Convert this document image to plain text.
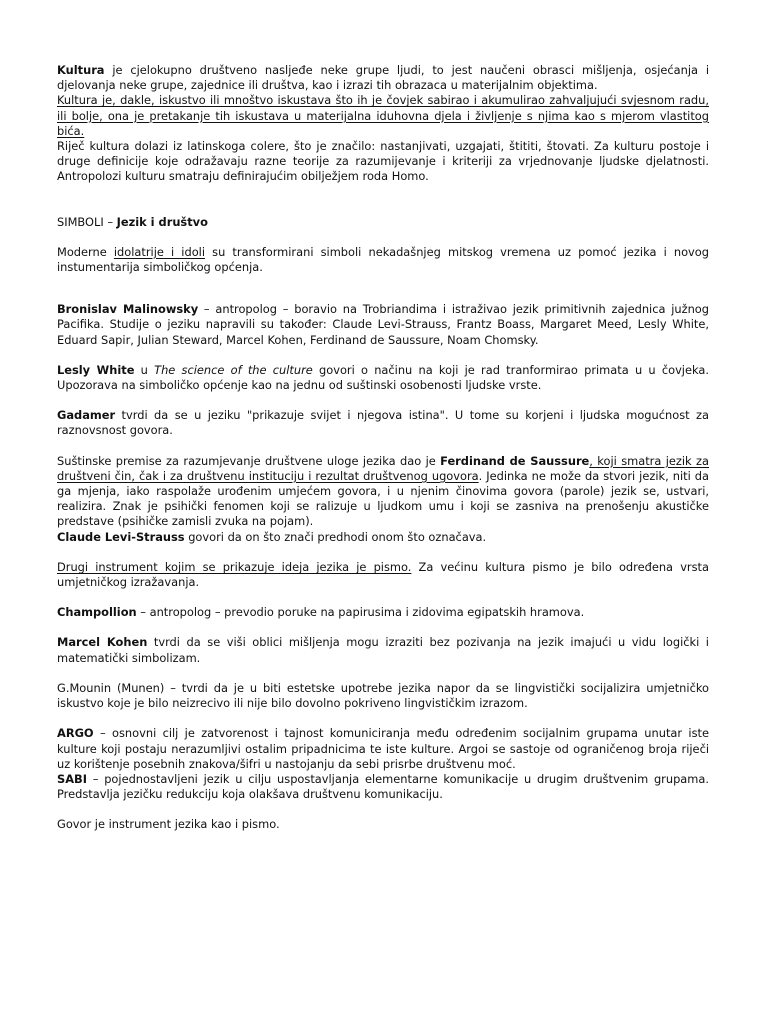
Kultura je cjelokupno društveno nasljeđe neke grupe ljudi, to jest naučeni obrasci mišljenja, osjećanja i djelovanja neke grupe, zajednice ili društva, kao i izrazi tih obrazaca u materijalnim objektima.

Kultura je, dakle, iskustvo ili mnoštvo iskustava što ih je čovjek sabirao i akumulirao zahvaljujući svjesnom radu, ili bolje, ona je pretakanje tih iskustava u materijalna iduhovna djela i življenje s njima kao s mjerom vlastitog bića.

Riječ kultura dolazi iz latinskoga colere, što je značilo: nastanjivati, uzgajati, štititi, štovati. Za kulturu postoje i druge definicije koje odražavaju razne teorije za razumijevanje i kriteriji za vrjednovanje ljudske djelatnosti. Antropolozi kulturu smatraju definirajućim obilježjem roda Homo.

SIMBOLI – Jezik i društvo

Moderne idolatrije i idoli su transformirani simboli nekadašnjeg mitskog vremena uz pomoć jezika i novog instumentarija simboličkog općenja.

Bronislav Malinowsky – antropolog – boravio na Trobriandima i istraživao jezik primitivnih zajednica južnog Pacifika. Studije o jeziku napravili su također: Claude Levi-Strauss, Frantz Boass, Margaret Meed, Lesly White, Eduard Sapir, Julian Steward, Marcel Kohen, Ferdinand de Saussure, Noam Chomsky.

Lesly White u The science of the culture govori o načinu na koji je rad tranformirao primata u u čovjeka. Upozorava na simboličko općenje kao na jednu od suštinski osobenosti ljudske vrste.

Gadamer tvrdi da se u jeziku "prikazuje svijet i njegova istina". U tome su korjeni i ljudska mogućnost za raznovsnost govora.

Suštinske premise za razumjevanje društvene uloge jezika dao je Ferdinand de Saussure, koji smatra jezik za društveni čin, čak i za društvenu instituciju i rezultat društvenog ugovora. Jedinka ne može da stvori jezik, niti da ga mjenja, iako raspolaže urođenim umjećem govora, i u njenim činovima govora (parole) jezik se, ustvari, realizira. Znak je psihički fenomen koji se ralizuje u ljudkom umu i koji se zasniva na prenošenju akustičke predstave (psihičke zamisli zvuka na pojam).

Claude Levi-Strauss govori da on što znači predhodi onom što označava.

Drugi instrument kojim se prikazuje ideja jezika je pismo. Za većinu kultura pismo je bilo određena vrsta umjetničkog izražavanja.

Champollion – antropolog – prevodio poruke na papirusima i zidovima egipatskih hramova.

Marcel Kohen tvrdi da se viši oblici mišljenja mogu izraziti bez pozivanja na jezik imajući u vidu logički i matematički simbolizam.

G.Mounin (Munen) – tvrdi da je u biti estetske upotrebe jezika napor da se lingvistički socijalizira umjetničko iskustvo koje je bilo neizrecivo ili nije bilo dovolno pokriveno lingvističkim izrazom.

ARGO – osnovni cilj je zatvorenost i tajnost komuniciranja među određenim socijalnim grupama unutar iste kulture koji postaju nerazumljivi ostalim pripadnicima te iste kulture. Argoi se sastoje od ograničenog broja riječi uz korištenje posebnih znakova/šifri u nastojanju da sebi prisrbe društvenu moć.

SABI – pojednostavljeni jezik u cilju uspostavljanja elementarne komunikacije u drugim društvenim grupama. Predstavlja jezičku redukciju koja olakšava društvenu komunikaciju.

Govor je instrument jezika kao i pismo.
